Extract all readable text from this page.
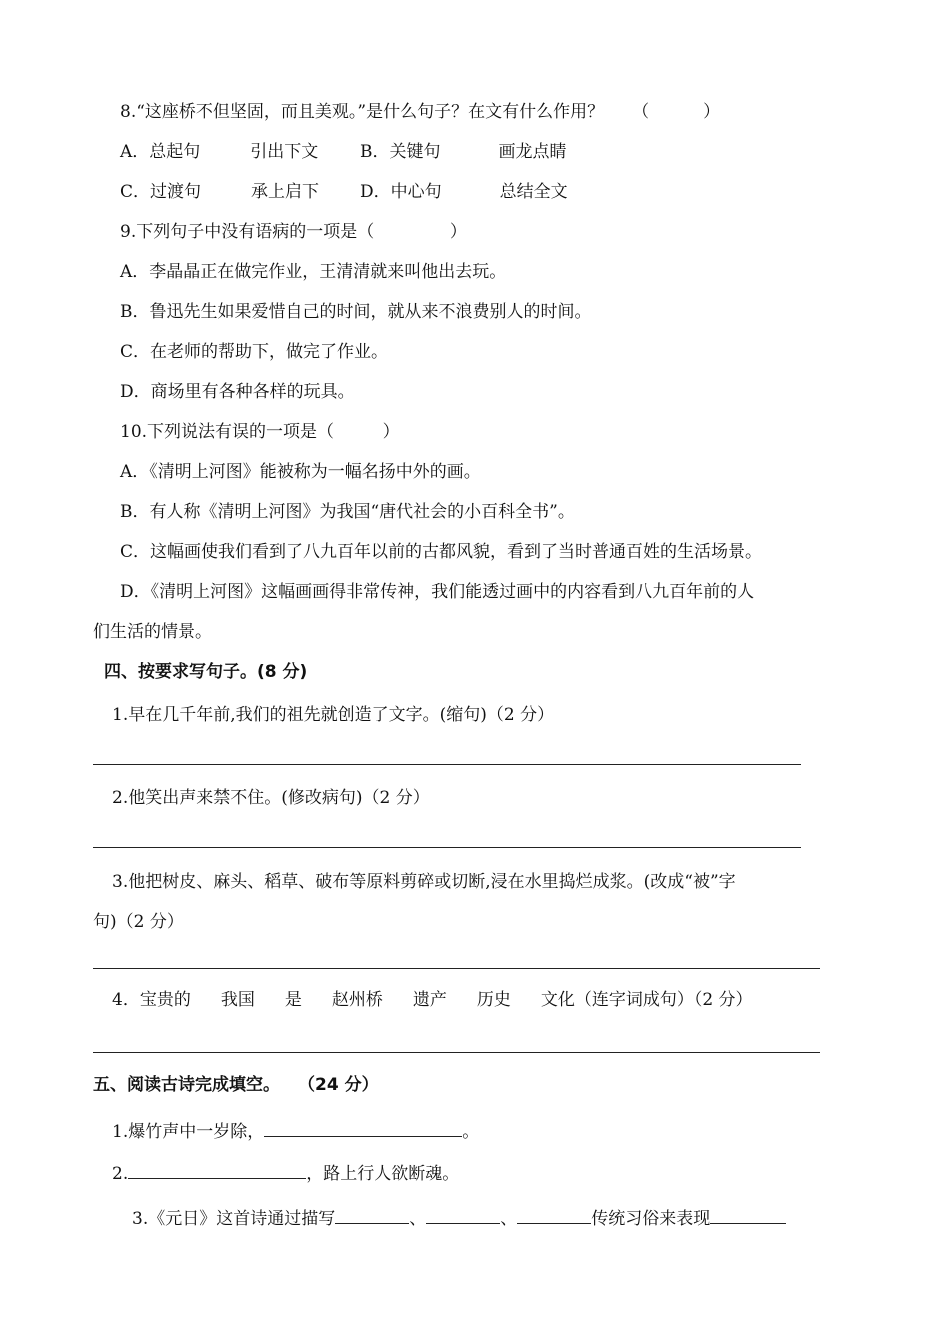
8.“这座桥不但坚固，而且美观。”是什么句子？在文有什么作用？ （          ）
A．总起句	引出下文 B．关键句	画龙点睛
C．过渡句	承上启下 D．中心句	总结全文
9.下列句子中没有语病的一项是（              ）
A．李晶晶正在做完作业，王清清就来叫他出去玩。
B．鲁迅先生如果爱惜自己的时间，就从来不浪费别人的时间。
C．在老师的帮助下，做完了作业。
D．商场里有各种各样的玩具。
10.下列说法有误的一项是（         ）
A．《清明上河图》能被称为一幅名扬中外的画。
B．有人称《清明上河图》为我国“唐代社会的小百科全书”。
C．这幅画使我们看到了八九百年以前的古都风貌，看到了当时普通百姓的生活场景。
D．《清明上河图》这幅画画得非常传神，我们能透过画中的内容看到八九百年前的人
们生活的情景。
四、按要求写句子。(8 分)
1.早在几千年前,我们的祖先就创造了文字。(缩句)（2 分）
2.他笑出声来禁不住。(修改病句)（2 分）
3.他把树皮、麻头、稻草、破布等原料剪碎或切断,浸在水里捣烂成浆。(改成“被”字
句)（2 分）
4．宝贵的 我国 是 赵州桥 遗产 历史 文化（连字词成句）（2 分）
五、阅读古诗完成填空。 （24 分）
1.爆竹声中一岁除，	。
2.	，路上行人欲断魂。
3.《元日》这首诗通过描写	、	、	传统习俗来表现
